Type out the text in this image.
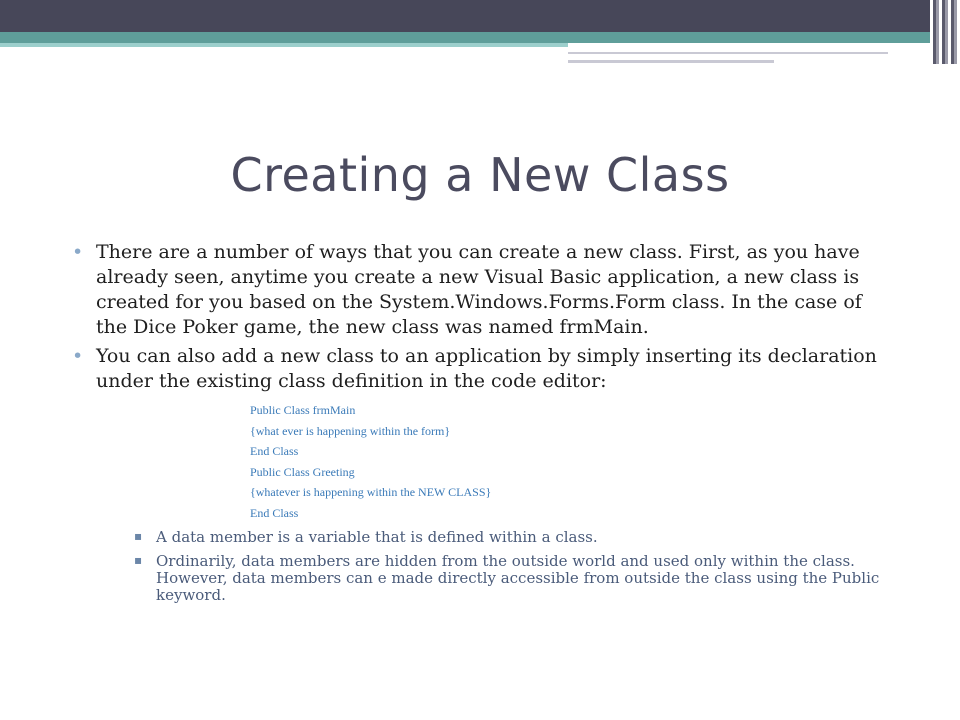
Creating a New Class
• There are a number of ways that you can create a new class. First, as you have already seen, anytime you create a new Visual Basic application, a new class is created for you based on the System.Windows.Forms.Form class. In the case of the Dice Poker game, the new class was named frmMain.
• You can also add a new class to an application by simply inserting its declaration under the existing class definition in the code editor:
Public Class frmMain
{what ever is happening within the form}
End Class
Public Class Greeting
{whatever is happening within the NEW CLASS}
End Class
▪ A data member is a variable that is defined within a class.
▪ Ordinarily, data members are hidden from the outside world and used only within the class. However, data members can e made directly accessible from outside the class using the Public keyword.
